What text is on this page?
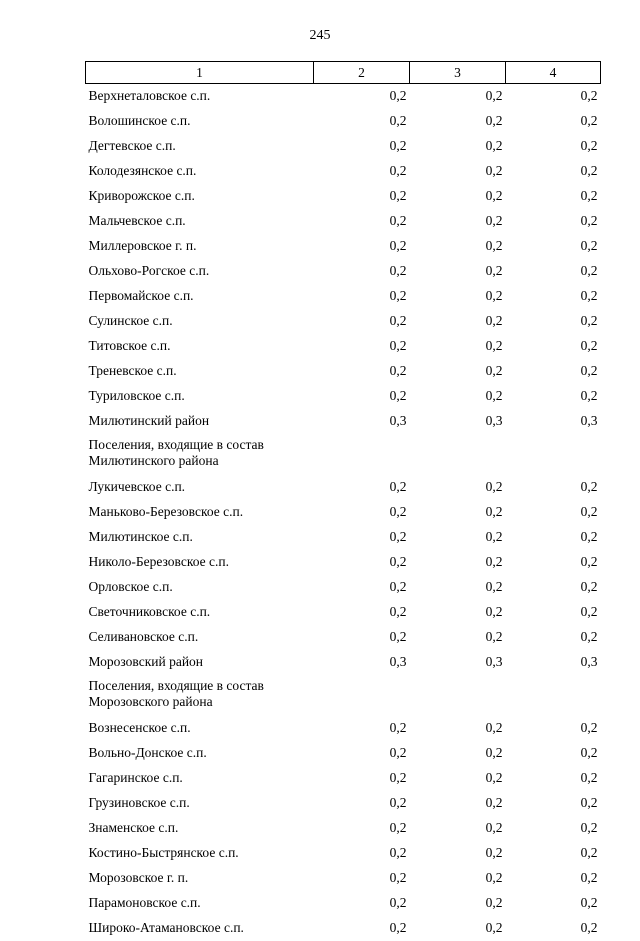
245
1	2	3	4

Верхнеталовское с.п.	0,2	0,2	0,2

Волошинское с.п.	0,2	0,2	0,2

Дегтевское с.п.	0,2	0,2	0,2

Колодезянское с.п.	0,2	0,2	0,2

Криворожское с.п.	0,2	0,2	0,2

Мальчевское с.п.	0,2	0,2	0,2

Миллеровское г. п.	0,2	0,2	0,2

Ольхово-Рогское с.п.	0,2	0,2	0,2

Первомайское с.п.	0,2	0,2	0,2

Сулинское с.п.	0,2	0,2	0,2

Титовское с.п.	0,2	0,2	0,2

Треневское с.п.	0,2	0,2	0,2

Туриловское с.п.	0,2	0,2	0,2

Милютинский район	0,3	0,3	0,3

Поселения, входящие в состав
Милютинского района			

Лукичевское с.п.	0,2	0,2	0,2

Маньково-Березовское с.п.	0,2	0,2	0,2

Милютинское с.п.	0,2	0,2	0,2

Николо-Березовское с.п.	0,2	0,2	0,2

Орловское с.п.	0,2	0,2	0,2

Светочниковское с.п.	0,2	0,2	0,2

Селивановское с.п.	0,2	0,2	0,2

Морозовский район	0,3	0,3	0,3

Поселения, входящие в состав
Морозовского района			

Вознесенское с.п.	0,2	0,2	0,2

Вольно-Донское с.п.	0,2	0,2	0,2

Гагаринское с.п.	0,2	0,2	0,2

Грузиновское с.п.	0,2	0,2	0,2

Знаменское с.п.	0,2	0,2	0,2

Костино-Быстрянское с.п.	0,2	0,2	0,2

Морозовское г. п.	0,2	0,2	0,2

Парамоновское с.п.	0,2	0,2	0,2

Широко-Атамановское с.п.	0,2	0,2	0,2
